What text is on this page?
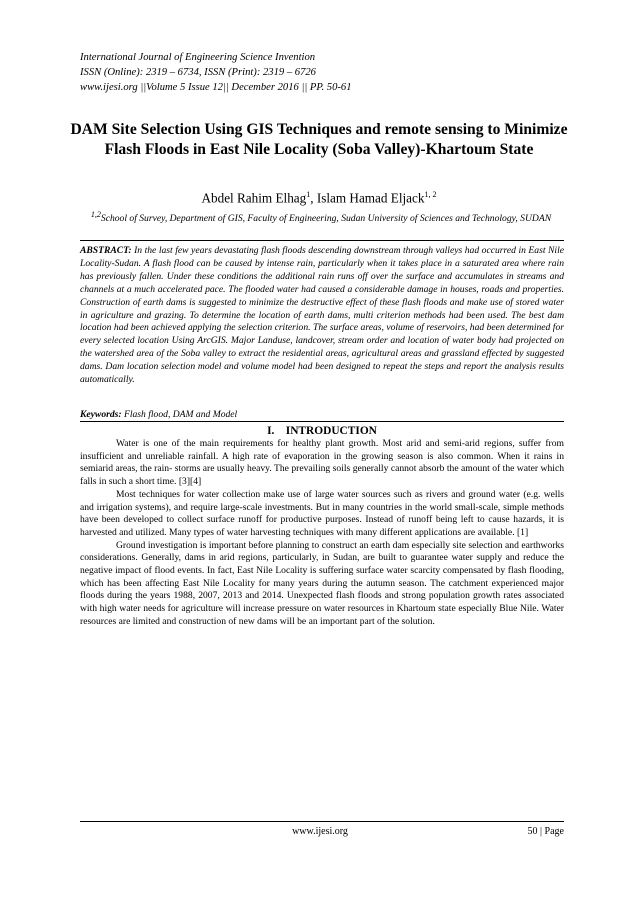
International Journal of Engineering Science Invention
ISSN (Online): 2319 – 6734, ISSN (Print): 2319 – 6726
www.ijesi.org ||Volume 5 Issue 12|| December 2016 || PP. 50-61
DAM Site Selection Using GIS Techniques and remote sensing to Minimize Flash Floods in East Nile Locality (Soba Valley)-Khartoum State
Abdel Rahim Elhag$^1$, Islam Hamad Eljack$^{1, 2}$
$^{1,2}$School of Survey, Department of GIS, Faculty of Engineering, Sudan University of Sciences and Technology, SUDAN
ABSTRACT: In the last few years devastating flash floods descending downstream through valleys had occurred in East Nile Locality-Sudan. A flash flood can be caused by intense rain, particularly when it takes place in a saturated area where rain has previously fallen. Under these conditions the additional rain runs off over the surface and accumulates in streams and channels at a much accelerated pace. The flooded water had caused a considerable damage in houses, roads and properties. Construction of earth dams is suggested to minimize the destructive effect of these flash floods and make use of stored water in agriculture and grazing. To determine the location of earth dams, multi criterion methods had been used. The best dam location had been achieved applying the selection criterion. The surface areas, volume of reservoirs, had been determined for every selected location Using ArcGIS. Major Landuse, landcover, stream order and location of water body had projected on the watershed area of the Soba valley to extract the residential areas, agricultural areas and grassland effected by suggested dams. Dam location selection model and volume model had been designed to repeat the steps and report the analysis results automatically.
Keywords: Flash flood, DAM and Model
I.    INTRODUCTION

Water is one of the main requirements for healthy plant growth. Most arid and semi-arid regions, suffer from insufficient and unreliable rainfall. A high rate of evaporation in the growing season is also common. When it rains in semiarid areas, the rain- storms are usually heavy. The prevailing soils generally cannot absorb the amount of the water which falls in such a short time. [3][4]

Most techniques for water collection make use of large water sources such as rivers and ground water (e.g. wells and irrigation systems), and require large-scale investments. But in many countries in the world small-scale, simple methods have been developed to collect surface runoff for productive purposes. Instead of runoff being left to cause hazards, it is harvested and utilized. Many types of water harvesting techniques with many different applications are available. [1]

Ground investigation is important before planning to construct an earth dam especially site selection and earthworks considerations. Generally, dams in arid regions, particularly, in Sudan, are built to guarantee water supply and reduce the negative impact of flood events. In fact, East Nile Locality is suffering surface water scarcity compensated by flash flooding, which has been affecting East Nile Locality for many years during the autumn season. The catchment experienced major floods during the years 1988, 2007, 2013 and 2014. Unexpected flash floods and strong population growth rates associated with high water needs for agriculture will increase pressure on water resources in Khartoum state especially Blue Nile. Water resources are limited and construction of new dams will be an important part of the solution.

www.ijesi.org	50 | Page
